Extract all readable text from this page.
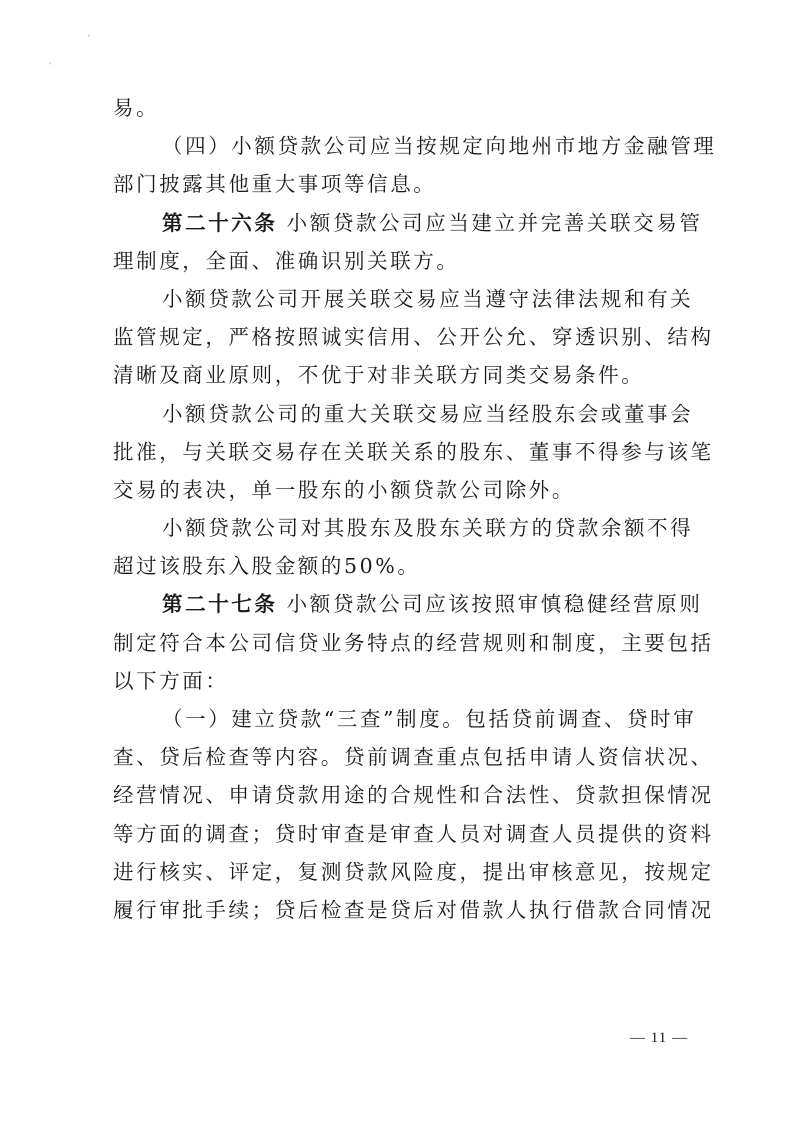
ˊ
ˋ
易。
（四）小额贷款公司应当按规定向地州市地方金融管理
部门披露其他重大事项等信息。
第二十六条 小额贷款公司应当建立并完善关联交易管
理制度，全面、准确识别关联方。
小额贷款公司开展关联交易应当遵守法律法规和有关
监管规定，严格按照诚实信用、公开公允、穿透识别、结构
清晰及商业原则，不优于对非关联方同类交易条件。
小额贷款公司的重大关联交易应当经股东会或董事会
批准，与关联交易存在关联关系的股东、董事不得参与该笔
交易的表决，单一股东的小额贷款公司除外。
小额贷款公司对其股东及股东关联方的贷款余额不得
超过该股东入股金额的50%。
第二十七条 小额贷款公司应该按照审慎稳健经营原则
制定符合本公司信贷业务特点的经营规则和制度，主要包括
以下方面：
（一）建立贷款“三查”制度。包括贷前调查、贷时审
查、贷后检查等内容。贷前调查重点包括申请人资信状况、
经营情况、申请贷款用途的合规性和合法性、贷款担保情况
等方面的调查；贷时审查是审查人员对调查人员提供的资料
进行核实、评定，复测贷款风险度，提出审核意见，按规定
履行审批手续；贷后检查是贷后对借款人执行借款合同情况
— 11 —
